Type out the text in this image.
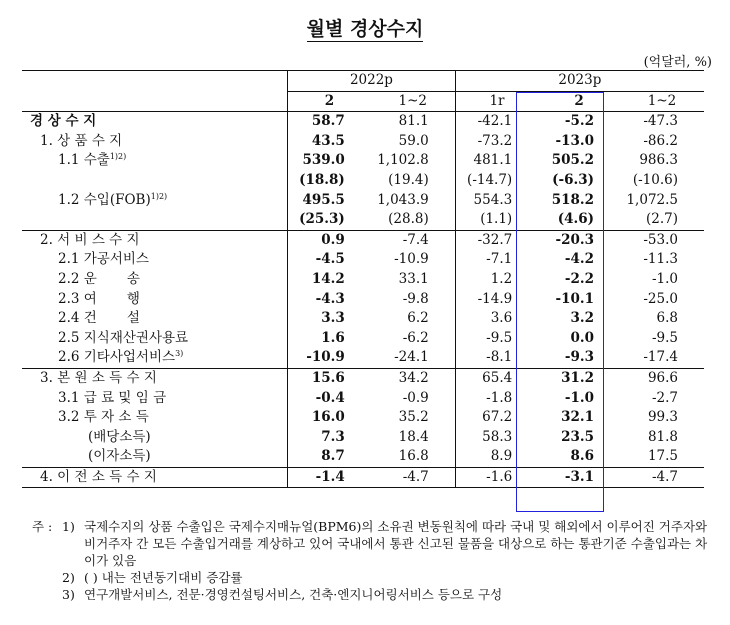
월별 경상수지
(억달러, %)
	2022p		2023p		
	2	1~2	1r	2	1~2
경 상 수 지	58.7	81.1	-42.1	-5.2	-47.3
1. 상 품 수 지	43.5	59.0	-73.2	-13.0	-86.2
1.1 수출$^{1)2)}$	539.0	1,102.8	481.1	505.2	986.3
	(18.8)	(19.4)	(-14.7)	(-6.3)	(-10.6)
1.2 수입(FOB)$^{1)2)}$	495.5	1,043.9	554.3	518.2	1,072.5
	(25.3)	(28.8)	(1.1)	(4.6)	(2.7)
2. 서 비 스 수 지	0.9	-7.4	-32.7	-20.3	-53.0
2.1 가공서비스	-4.5	-10.9	-7.1	-4.2	-11.3
2.2 운       송	14.2	33.1	1.2	-2.2	-1.0
2.3 여       행	-4.3	-9.8	-14.9	-10.1	-25.0
2.4 건       설	3.3	6.2	3.6	3.2	6.8
2.5 지식재산권사용료	1.6	-6.2	-9.5	0.0	-9.5
2.6 기타사업서비스$^{3)}$	-10.9	-24.1	-8.1	-9.3	-17.4
3. 본 원 소 득 수 지	15.6	34.2	65.4	31.2	96.6
3.1 급 료 및 임 금	-0.4	-0.9	-1.8	-1.0	-2.7
3.2 투 자 소 득	16.0	35.2	67.2	32.1	99.3
(배당소득)	7.3	18.4	58.3	23.5	81.8
(이자소득)	8.7	16.8	8.9	8.6	17.5
4. 이 전 소 득 수 지	-1.4	-4.7	-1.6	-3.1	-4.7
주 : 1) 국제수지의 상품 수출입은 국제수지매뉴얼(BPM6)의 소유권 변동원칙에 따라 국내 및 해외에서 이루어진 거주자와 비거주자 간 모든 수출입거래를 계상하고 있어 국내에서 통관 신고된 물품을 대상으로 하는 통관기준 수출입과는 차이가 있음
2) ( ) 내는 전년동기대비 증감률
3) 연구개발서비스, 전문·경영컨설팅서비스, 건축·엔지니어링서비스 등으로 구성
